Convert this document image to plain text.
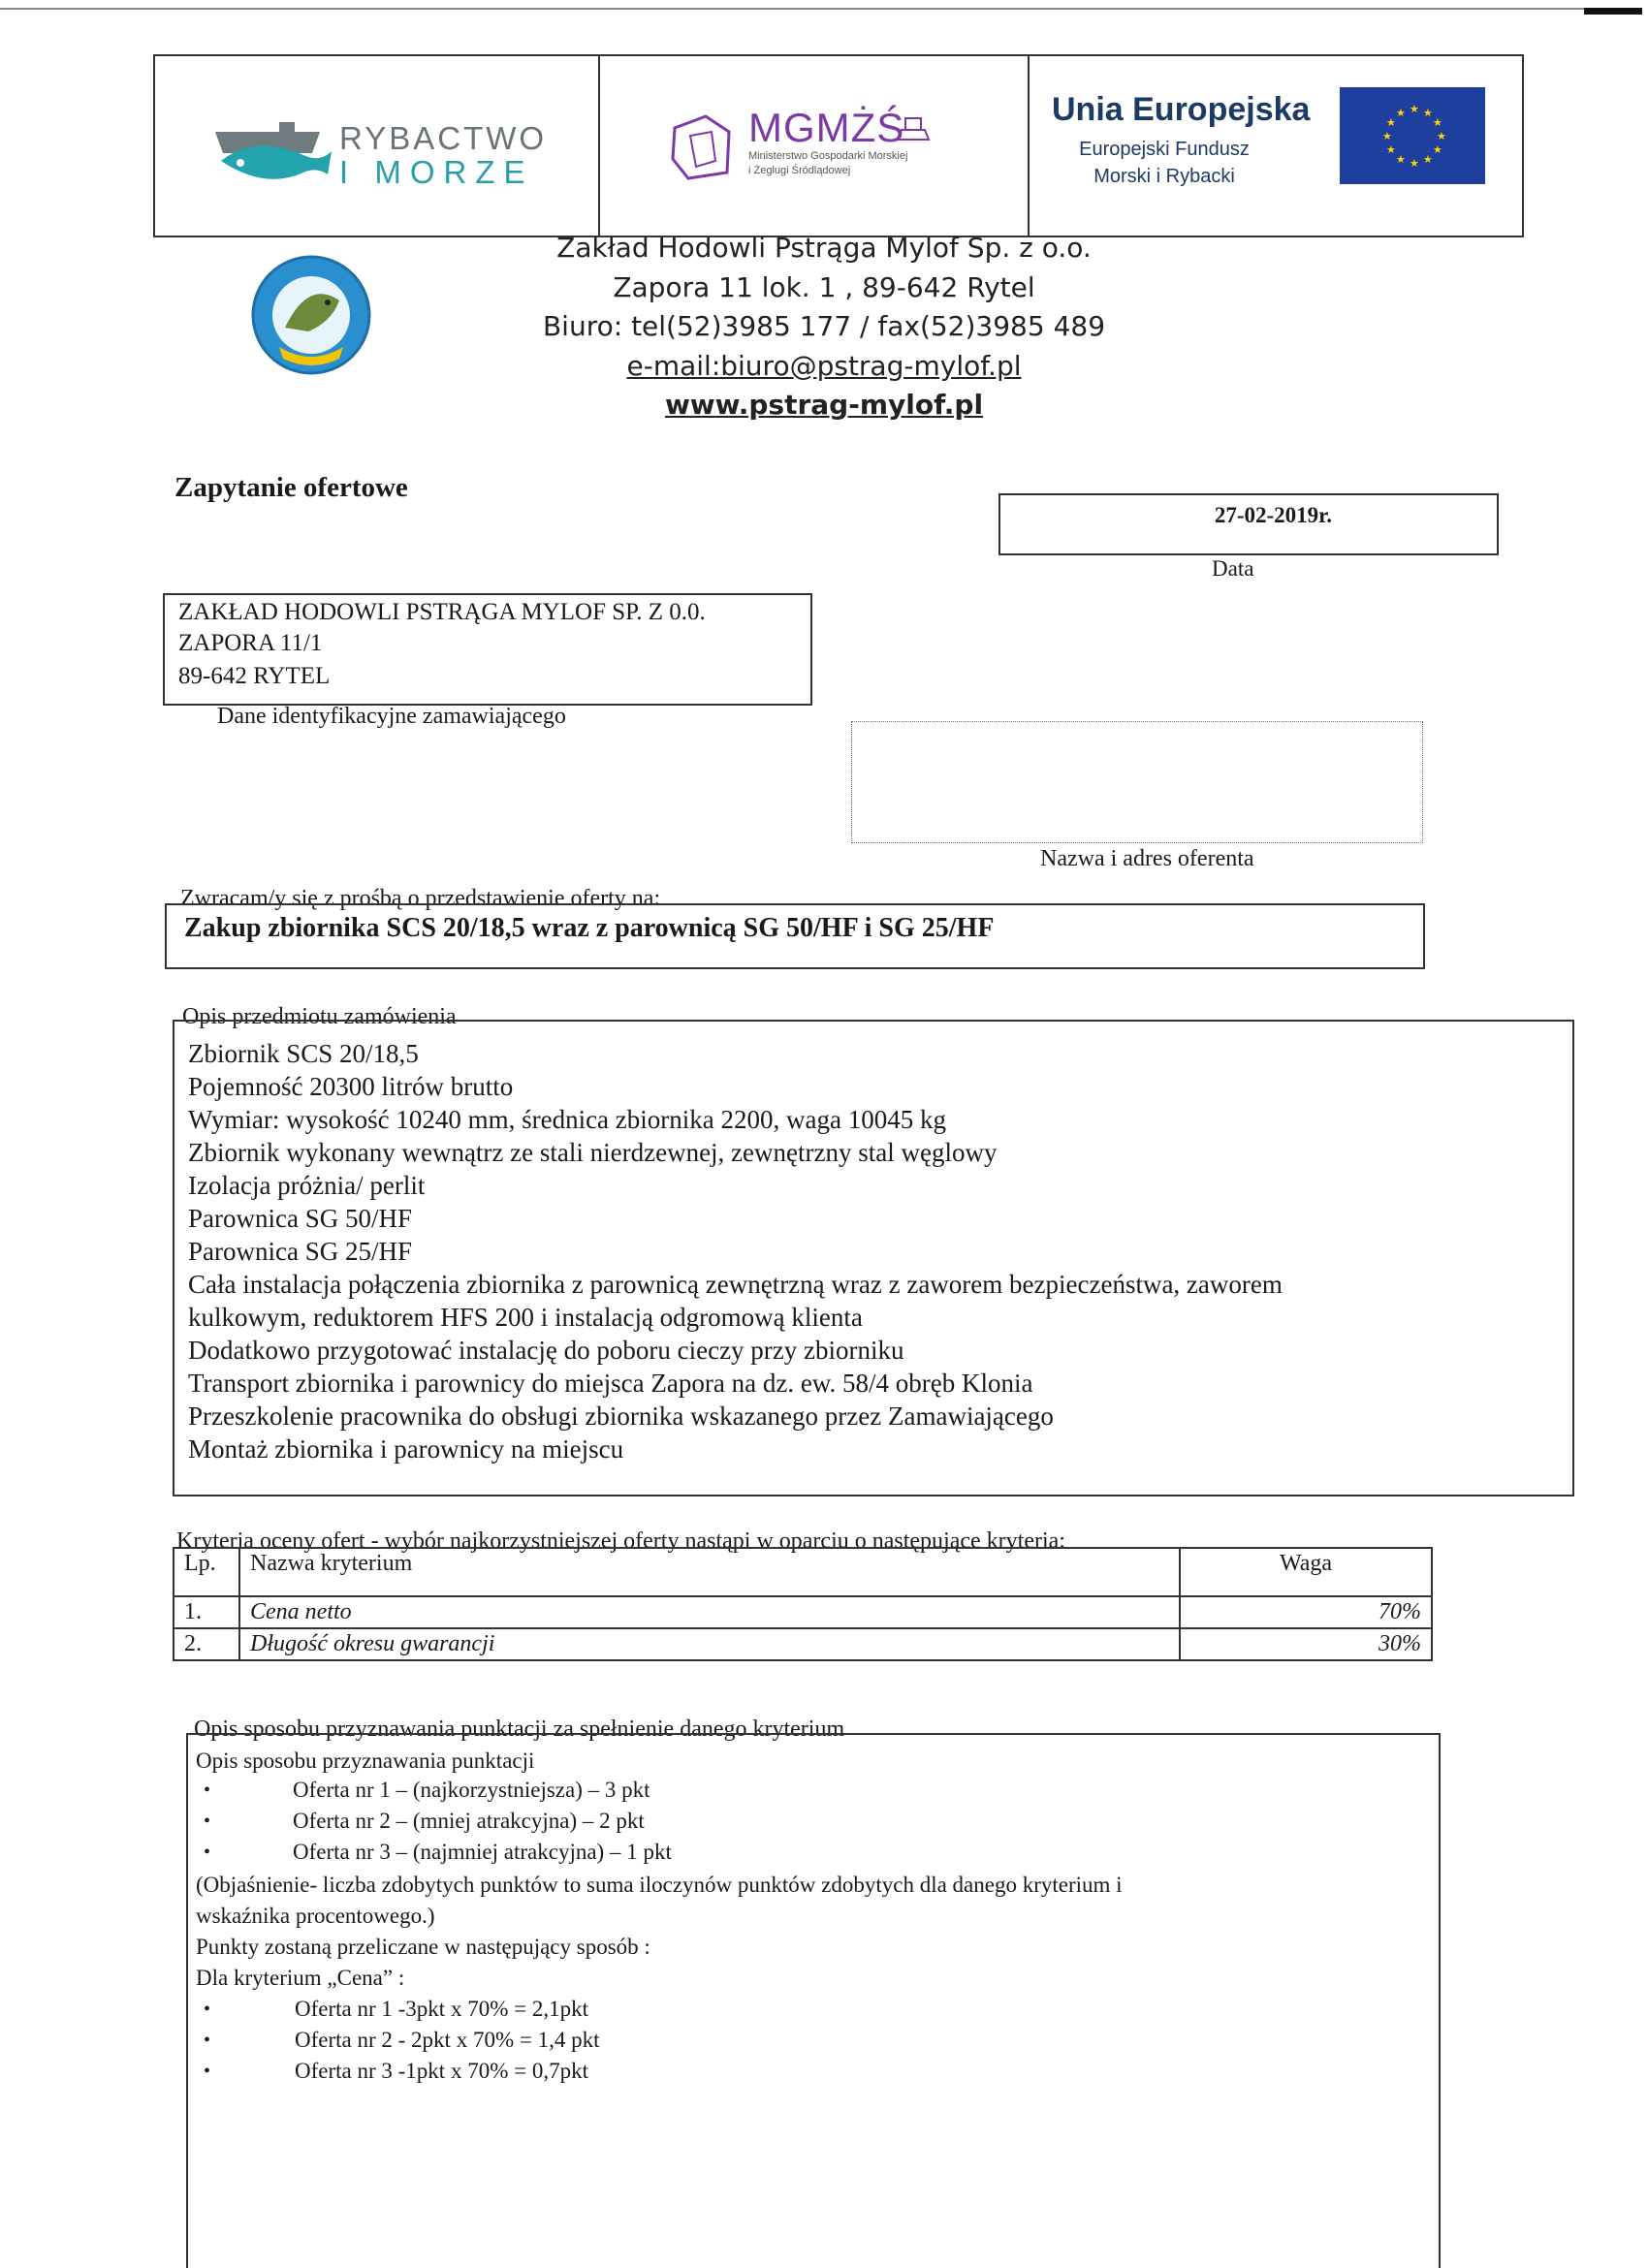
RYBACTWO
I MORZE
MGMŻŚ
Ministerstwo Gospodarki Morskiej
i Żeglugi Śródlądowej
Unia Europejska
Europejski Fundusz
Morski i Rybacki
★ ★
★
★
★
★
★
★
★
★
★
★
Zakład Hodowli Pstrąga Mylof Sp. z o.o.
Zapora 11 lok. 1 , 89-642 Rytel
Biuro: tel(52)3985 177 / fax(52)3985 489
e-mail:biuro@pstrag-mylof.pl
www.pstrag-mylof.pl
Zapytanie ofertowe
27-02-2019r.
Data
ZAKŁAD HODOWLI PSTRĄGA MYLOF SP. Z 0.0.
ZAPORA 11/1
89-642 RYTEL
Dane identyfikacyjne zamawiającego
Nazwa i adres oferenta
Zwracam/y się z prośbą o przedstawienie oferty na:
Zakup zbiornika SCS 20/18,5 wraz z parownicą SG 50/HF i SG 25/HF
Opis przedmiotu zamówienia
Zbiornik SCS 20/18,5
Pojemność 20300 litrów brutto
Wymiar: wysokość 10240 mm, średnica zbiornika 2200, waga 10045 kg
Zbiornik wykonany wewnątrz ze stali nierdzewnej, zewnętrzny stal węglowy
Izolacja próżnia/ perlit
Parownica SG 50/HF
Parownica SG 25/HF
Cała instalacja połączenia zbiornika z parownicą zewnętrzną wraz z zaworem bezpieczeństwa, zaworem
kulkowym, reduktorem HFS 200 i instalacją odgromową klienta
Dodatkowo przygotować instalację do poboru cieczy przy zbiorniku
Transport zbiornika i parownicy do miejsca Zapora na dz. ew. 58/4 obręb Klonia
Przeszkolenie pracownika do obsługi zbiornika wskazanego przez Zamawiającego
Montaż zbiornika i parownicy na miejscu
Kryteria oceny ofert - wybór najkorzystniejszej oferty nastąpi w oparciu o następujące kryteria:
Lp.	Nazwa kryterium	Waga
1.	Cena netto	70%
2.	Długość okresu gwarancji	30%
Opis sposobu przyznawania punktacji za spełnienie danego kryterium
Opis sposobu przyznawania punktacji
•	Oferta nr 1 – (najkorzystniejsza) – 3 pkt
•	Oferta nr 2 – (mniej atrakcyjna) – 2 pkt
•	Oferta nr 3 – (najmniej atrakcyjna) – 1 pkt
(Objaśnienie- liczba zdobytych punktów to suma iloczynów punktów zdobytych dla danego kryterium i
wskaźnika procentowego.)
Punkty zostaną przeliczane w następujący sposób :
Dla kryterium „Cena” :
•	Oferta nr 1 -3pkt x 70% = 2,1pkt
•	Oferta nr 2 - 2pkt x 70% = 1,4 pkt
•	Oferta nr 3 -1pkt x 70% = 0,7pkt
